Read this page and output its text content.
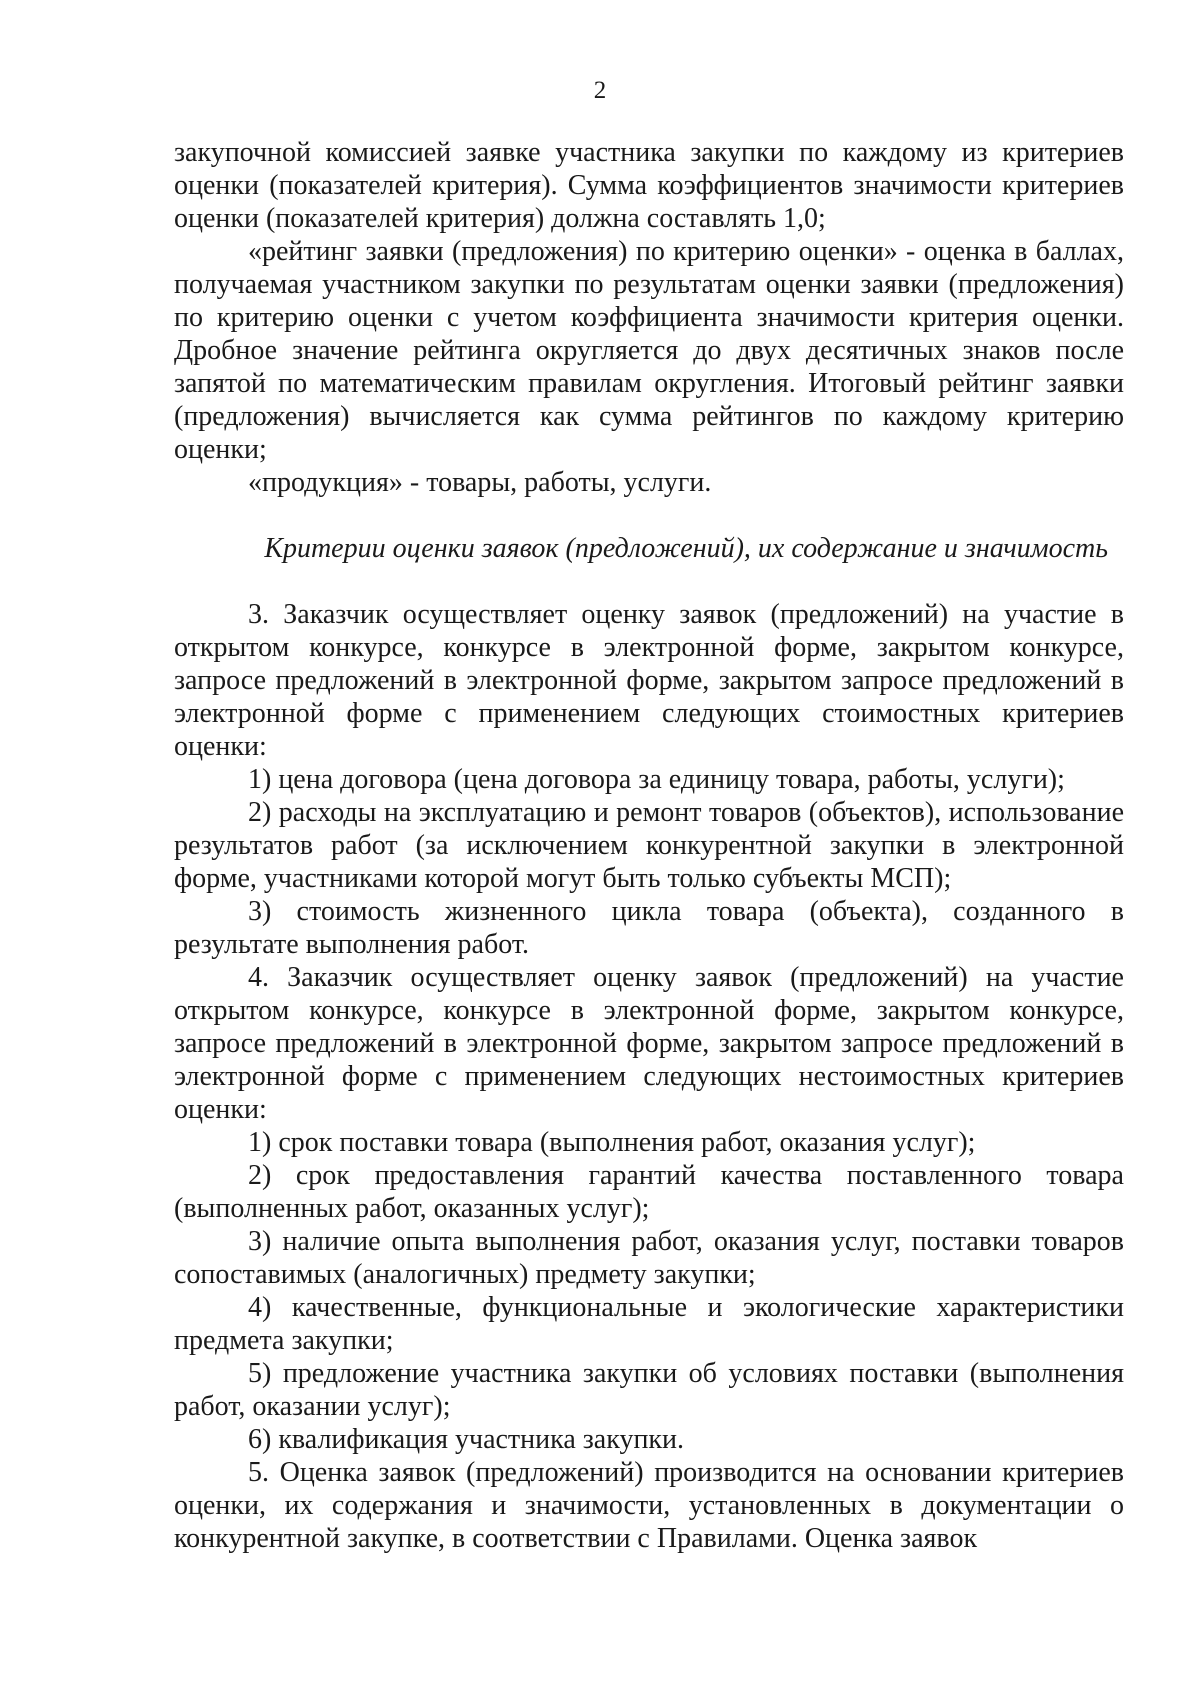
2

закупочной комиссией заявке участника закупки по каждому из критериев оценки (показателей критерия). Сумма коэффициентов значимости критериев оценки (показателей критерия) должна составлять 1,0;

«рейтинг заявки (предложения) по критерию оценки» - оценка в баллах, получаемая участником закупки по результатам оценки заявки (предложения) по критерию оценки с учетом коэффициента значимости критерия оценки. Дробное значение рейтинга округляется до двух десятичных знаков после запятой по математическим правилам округления. Итоговый рейтинг заявки (предложения) вычисляется как сумма рейтингов по каждому критерию оценки;

«продукция» - товары, работы, услуги.

Критерии оценки заявок (предложений), их содержание и значимость

3. Заказчик осуществляет оценку заявок (предложений) на участие в открытом конкурсе, конкурсе в электронной форме, закрытом конкурсе, запросе предложений в электронной форме, закрытом запросе предложений в электронной форме с применением следующих стоимостных критериев оценки:

1) цена договора (цена договора за единицу товара, работы, услуги);

2) расходы на эксплуатацию и ремонт товаров (объектов), использование результатов работ (за исключением конкурентной закупки в электронной форме, участниками которой могут быть только субъекты МСП);

3) стоимость жизненного цикла товара (объекта), созданного в результате выполнения работ.

4. Заказчик осуществляет оценку заявок (предложений) на участие открытом конкурсе, конкурсе в электронной форме, закрытом конкурсе, запросе предложений в электронной форме, закрытом запросе предложений в электронной форме с применением следующих нестоимостных критериев оценки:

1) срок поставки товара (выполнения работ, оказания услуг);

2) срок предоставления гарантий качества поставленного товара (выполненных работ, оказанных услуг);

3) наличие опыта выполнения работ, оказания услуг, поставки товаров сопоставимых (аналогичных) предмету закупки;

4) качественные, функциональные и экологические характеристики предмета закупки;

5) предложение участника закупки об условиях поставки (выполнения работ, оказании услуг);

6) квалификация участника закупки.

5. Оценка заявок (предложений) производится на основании критериев оценки, их содержания и значимости, установленных в документации о конкурентной закупке, в соответствии с Правилами. Оценка заявок
